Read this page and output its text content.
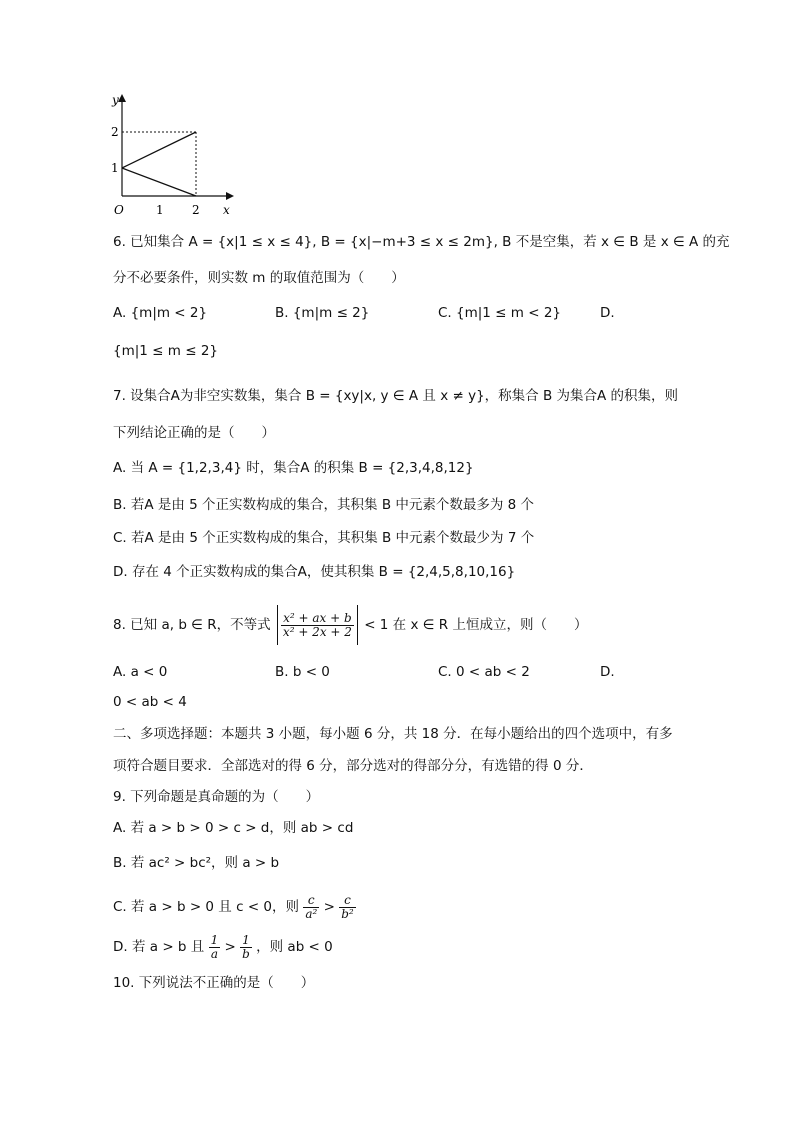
y
x
O	1 2
1
2
6. 已知集合 A = {x|1 ≤ x ≤ 4}, B = {x|−m+3 ≤ x ≤ 2m}, B 不是空集，若 x ∈ B 是 x ∈ A 的充
分不必要条件，则实数 m 的取值范围为（　　）
A. {m|m < 2}	B. {m|m ≤ 2}	C. {m|1 ≤ m < 2}	D.
{m|1 ≤ m ≤ 2}
7. 设集合A为非空实数集，集合 B = {xy|x, y ∈ A 且 x ≠ y}，称集合 B 为集合A 的积集，则
下列结论正确的是（　　）
A. 当 A = {1,2,3,4} 时，集合A 的积集 B = {2,3,4,8,12}
B. 若A 是由 5 个正实数构成的集合，其积集 B 中元素个数最多为 8 个
C. 若A 是由 5 个正实数构成的集合，其积集 B 中元素个数最少为 7 个
D. 存在 4 个正实数构成的集合A，使其积集 B = {2,4,5,8,10,16}
8. 已知 a, b ∈ R，不等式 $\frac{\text{x² + ax + b}}{\text{x² + 2x + 2}} < 1$ 在 x ∈ R 上恒成立，则（　　）
A. a < 0	B. b < 0	C. 0 < ab < 2	D.
0 < ab < 4
二、多项选择题：本题共 3 小题，每小题 6 分，共 18 分．在每小题给出的四个选项中，有多
项符合题目要求．全部选对的得 6 分，部分选对的得部分分，有选错的得 0 分．
9. 下列命题是真命题的为（　　）
A. 若 a > b > 0 > c > d，则 ab > cd
B. 若 ac² > bc²，则 a > b
C. 若 a > b > 0 且 c < 0，则 $\frac{c}{\text{a²}} > \frac{c}{\text{b²}}$
D. 若 a > b 且 $\frac{1}{a} > \frac{1}{b}$ ，则 ab < 0
10. 下列说法不正确的是（　　）
